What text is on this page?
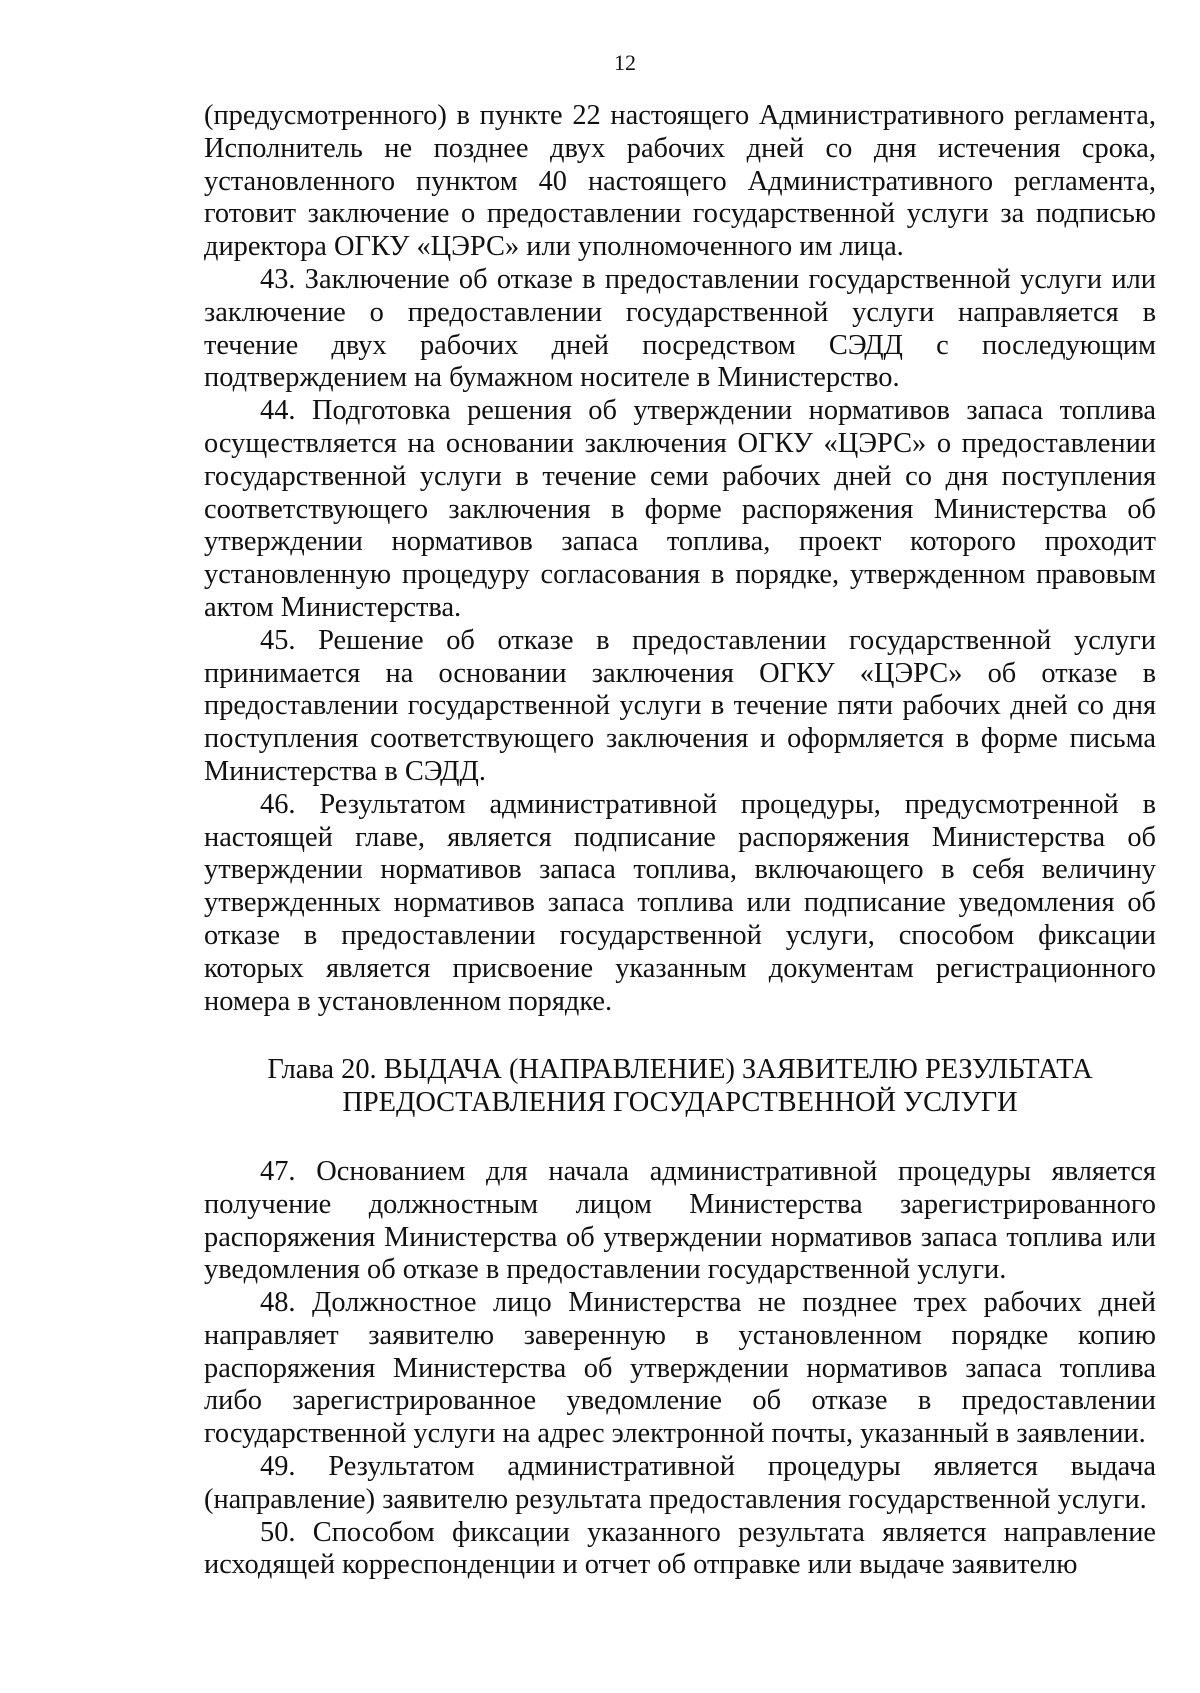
12

(предусмотренного) в пункте 22 настоящего Административного регламента, Исполнитель не позднее двух рабочих дней со дня истечения срока, установленного пунктом 40 настоящего Административного регламента, готовит заключение о предоставлении государственной услуги за подписью директора ОГКУ «ЦЭРС» или уполномоченного им лица.

43. Заключение об отказе в предоставлении государственной услуги или заключение о предоставлении государственной услуги направляется в течение двух рабочих дней посредством СЭДД с последующим подтверждением на бумажном носителе в Министерство.

44. Подготовка решения об утверждении нормативов запаса топлива осуществляется на основании заключения ОГКУ «ЦЭРС» о предоставлении государственной услуги в течение семи рабочих дней со дня поступления соответствующего заключения в форме распоряжения Министерства об утверждении нормативов запаса топлива, проект которого проходит установленную процедуру согласования в порядке, утвержденном правовым актом Министерства.

45. Решение об отказе в предоставлении государственной услуги принимается на основании заключения ОГКУ «ЦЭРС» об отказе в предоставлении государственной услуги в течение пяти рабочих дней со дня поступления соответствующего заключения и оформляется в форме письма Министерства в СЭДД.

46. Результатом административной процедуры, предусмотренной в настоящей главе, является подписание распоряжения Министерства об утверждении нормативов запаса топлива, включающего в себя величину утвержденных нормативов запаса топлива или подписание уведомления об отказе в предоставлении государственной услуги, способом фиксации которых является присвоение указанным документам регистрационного номера в установленном порядке.

Глава 20. ВЫДАЧА (НАПРАВЛЕНИЕ) ЗАЯВИТЕЛЮ РЕЗУЛЬТАТА
ПРЕДОСТАВЛЕНИЯ ГОСУДАРСТВЕННОЙ УСЛУГИ

47. Основанием для начала административной процедуры является получение должностным лицом Министерства зарегистрированного распоряжения Министерства об утверждении нормативов запаса топлива или уведомления об отказе в предоставлении государственной услуги.

48. Должностное лицо Министерства не позднее трех рабочих дней направляет заявителю заверенную в установленном порядке копию распоряжения Министерства об утверждении нормативов запаса топлива либо зарегистрированное уведомление об отказе в предоставлении государственной услуги на адрес электронной почты, указанный в заявлении.

49. Результатом административной процедуры является выдача (направление) заявителю результата предоставления государственной услуги.

50. Способом фиксации указанного результата является направление исходящей корреспонденции и отчет об отправке или выдаче заявителю
